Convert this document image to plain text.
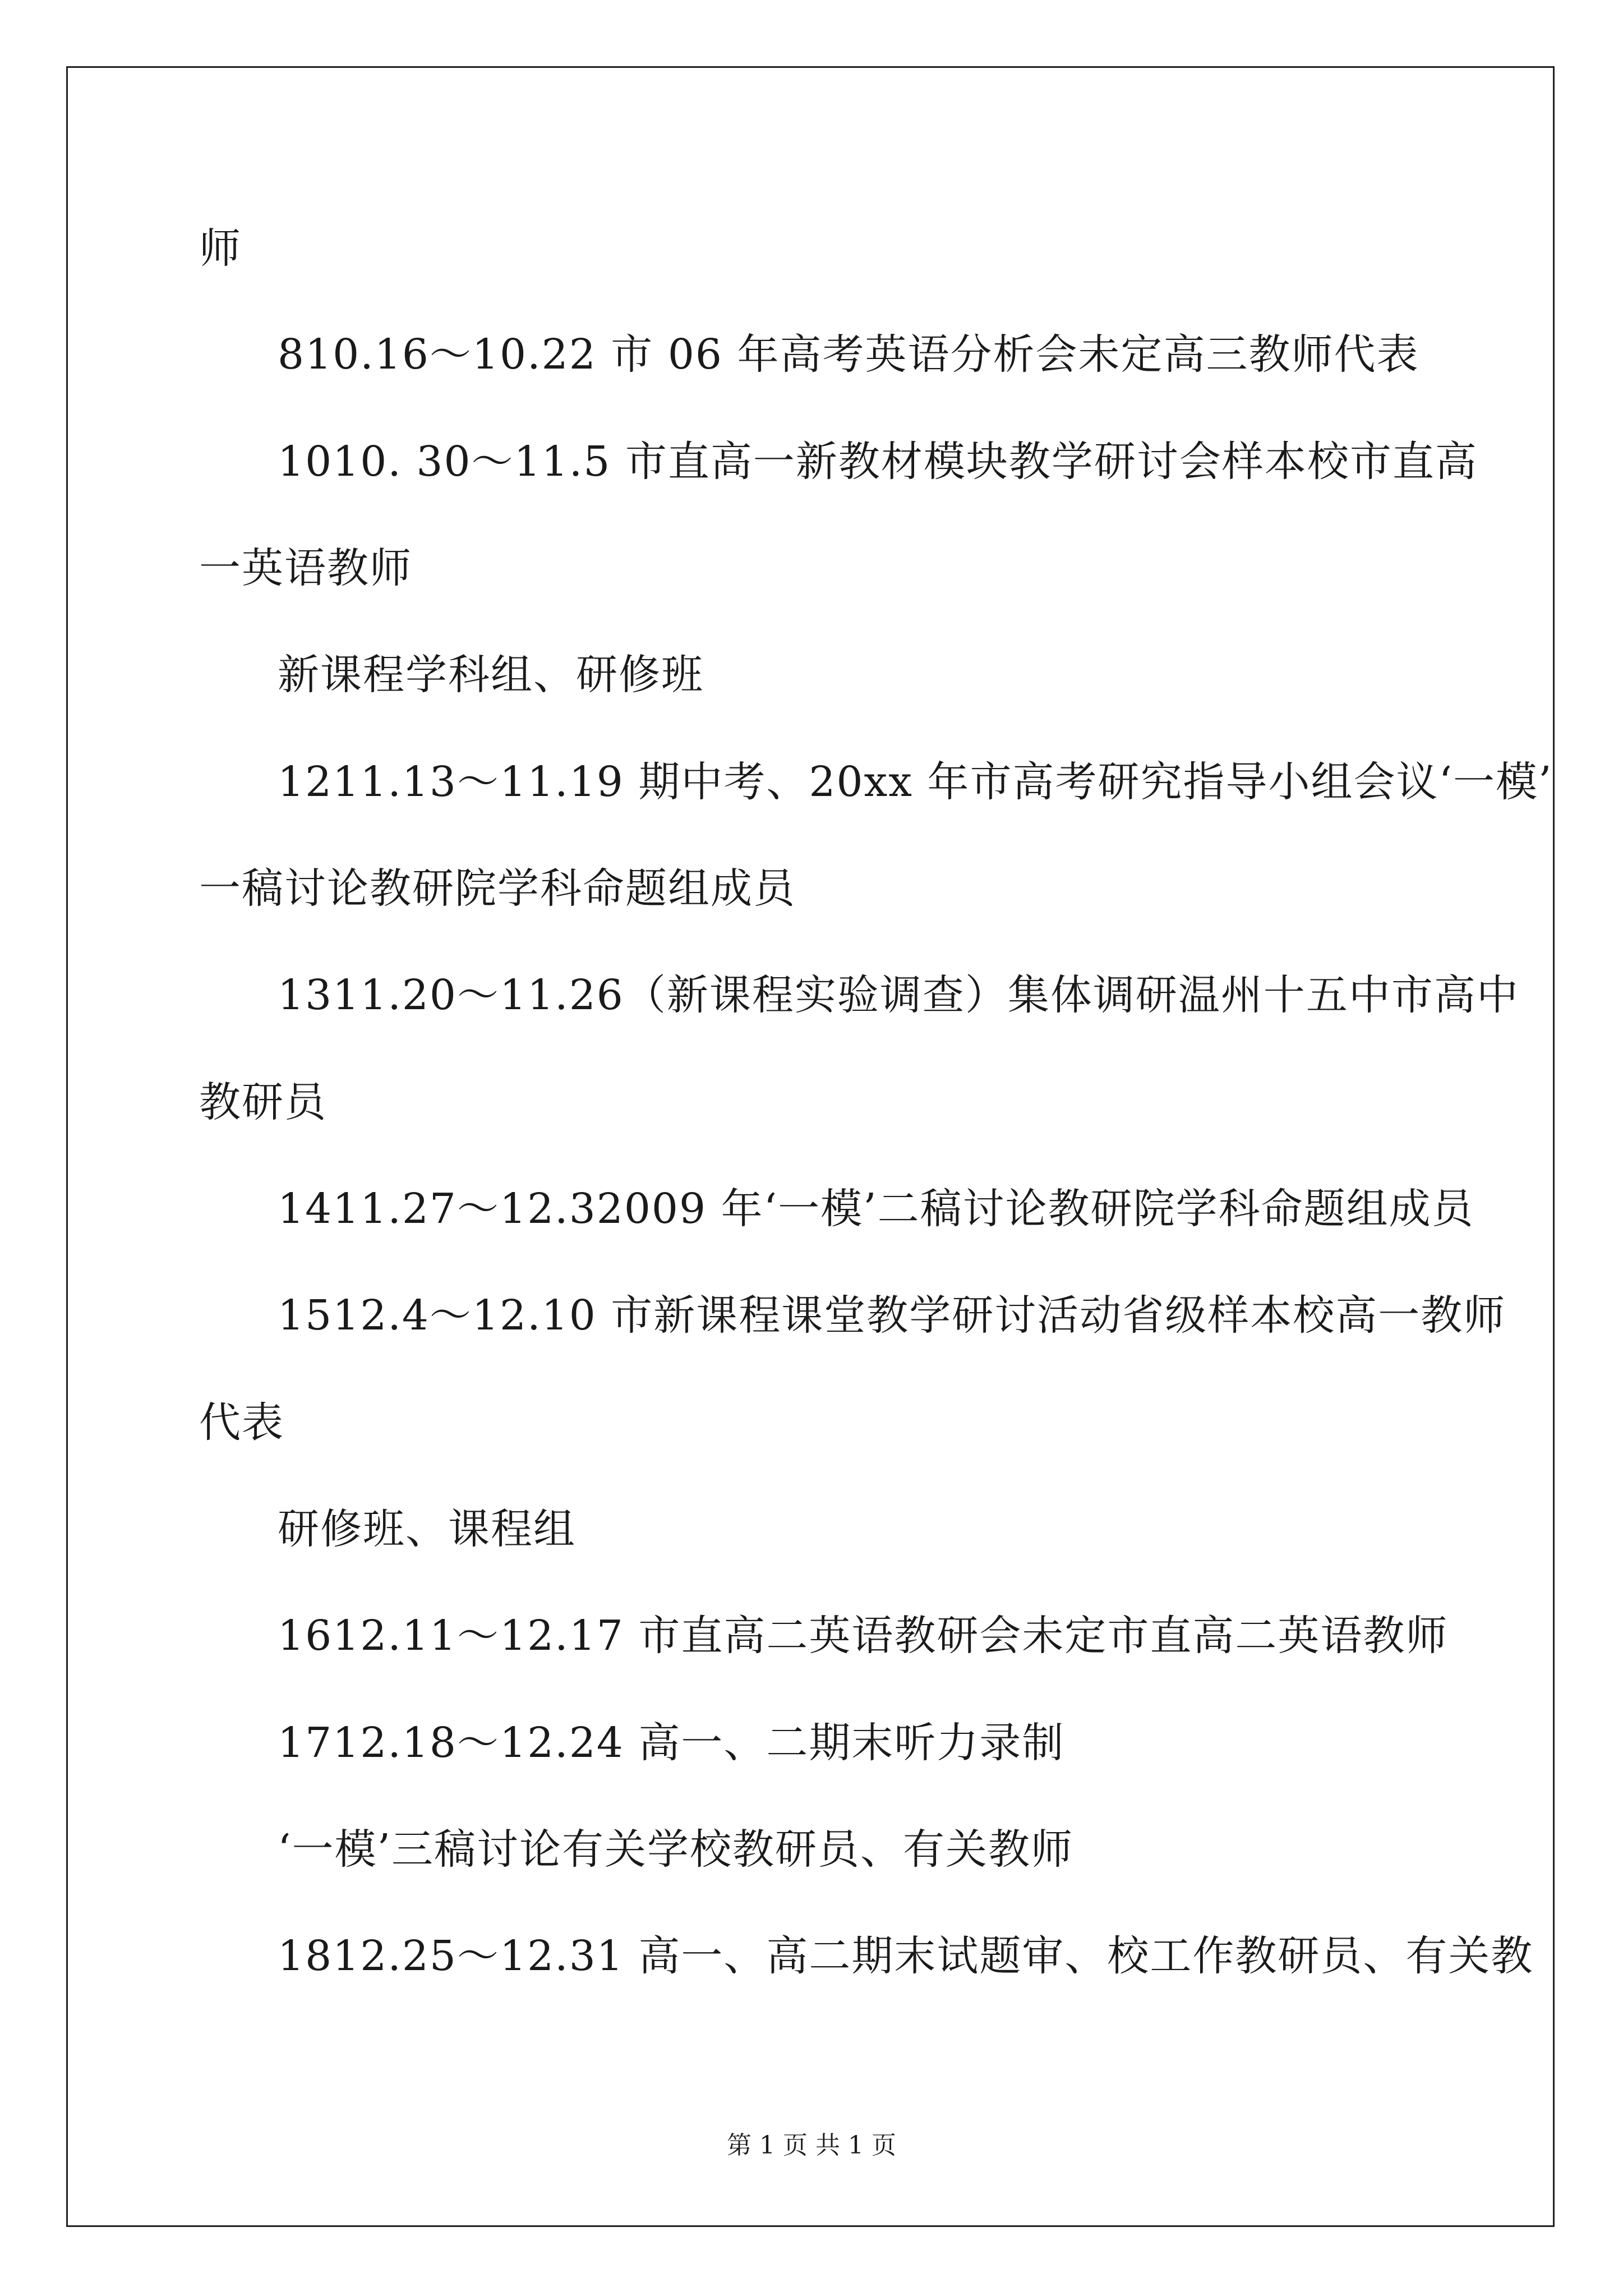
师
810.16～10.22 市 06 年高考英语分析会未定高三教师代表
1010. 30～11.5 市直高一新教材模块教学研讨会样本校市直高
一英语教师
新课程学科组、研修班
1211.13～11.19 期中考、20xx 年市高考研究指导小组会议‘一模’
一稿讨论教研院学科命题组成员
1311.20～11.26（新课程实验调查）集体调研温州十五中市高中
教研员
1411.27～12.32009 年‘一模’二稿讨论教研院学科命题组成员
1512.4～12.10 市新课程课堂教学研讨活动省级样本校高一教师
代表
研修班、课程组
1612.11～12.17 市直高二英语教研会未定市直高二英语教师
1712.18～12.24 高一、二期末听力录制
‘一模’三稿讨论有关学校教研员、有关教师
1812.25～12.31 高一、高二期末试题审、校工作教研员、有关教
第 1 页 共 1 页
